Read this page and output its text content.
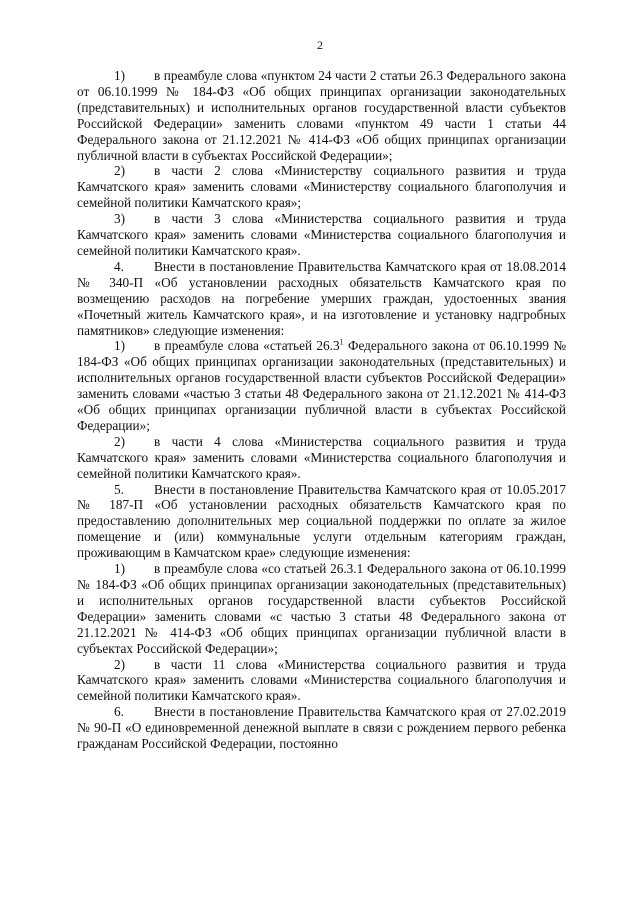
2

1) в преамбуле слова «пунктом 24 части 2 статьи 26.3 Федерального закона от 06.10.1999 № 184-ФЗ «Об общих принципах организации законодательных (представительных) и исполнительных органов государственной власти субъектов Российской Федерации» заменить словами «пунктом 49 части 1 статьи 44 Федерального закона от 21.12.2021 № 414-ФЗ «Об общих принципах организации публичной власти в субъектах Российской Федерации»;

2) в части 2 слова «Министерству социального развития и труда Камчатского края» заменить словами «Министерству социального благополучия и семейной политики Камчатского края»;

3) в части 3 слова «Министерства социального развития и труда Камчатского края» заменить словами «Министерства социального благополучия и семейной политики Камчатского края».

4. Внести в постановление Правительства Камчатского края от 18.08.2014 № 340-П «Об установлении расходных обязательств Камчатского края по возмещению расходов на погребение умерших граждан, удостоенных звания «Почетный житель Камчатского края», и на изготовление и установку надгробных памятников» следующие изменения:

1) в преамбуле слова «статьей 26.3$^1$ Федерального закона от 06.10.1999 № 184-ФЗ «Об общих принципах организации законодательных (представительных) и исполнительных органов государственной власти субъектов Российской Федерации» заменить словами «частью 3 статьи 48 Федерального закона от 21.12.2021 № 414-ФЗ «Об общих принципах организации публичной власти в субъектах Российской Федерации»;

2) в части 4 слова «Министерства социального развития и труда Камчатского края» заменить словами «Министерства социального благополучия и семейной политики Камчатского края».

5. Внести в постановление Правительства Камчатского края от 10.05.2017 № 187-П «Об установлении расходных обязательств Камчатского края по предоставлению дополнительных мер социальной поддержки по оплате за жилое помещение и (или) коммунальные услуги отдельным категориям граждан, проживающим в Камчатском крае» следующие изменения:

1) в преамбуле слова «со статьей 26.3.1 Федерального закона от 06.10.1999 № 184-ФЗ «Об общих принципах организации законодательных (представительных) и исполнительных органов государственной власти субъектов Российской Федерации» заменить словами «с частью 3 статьи 48 Федерального закона от 21.12.2021 № 414-ФЗ «Об общих принципах организации публичной власти в субъектах Российской Федерации»;

2) в части 11 слова «Министерства социального развития и труда Камчатского края» заменить словами «Министерства социального благополучия и семейной политики Камчатского края».

6. Внести в постановление Правительства Камчатского края от 27.02.2019 № 90-П «О единовременной денежной выплате в связи с рождением первого ребенка гражданам Российской Федерации, постоянно
